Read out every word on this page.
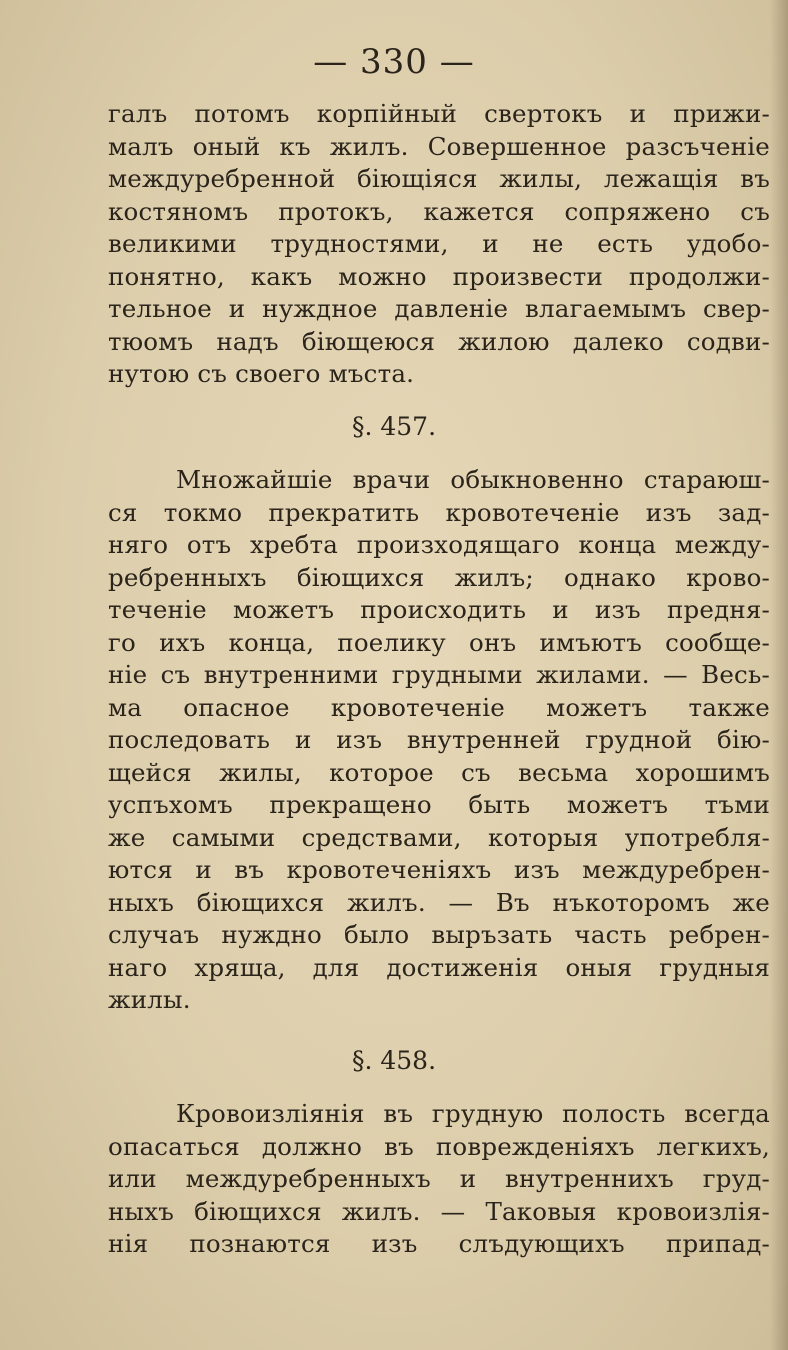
— 330 —
галъ потомъ корпійный свертокъ и прижи-
малъ оный къ жилъ. Совершенное разсъченіе
междуребренной біющіяся жилы, лежащія въ
костяномъ протокъ, кажется сопряжено съ
великими трудностями, и не есть удобо-
понятно, какъ можно произвести продолжи-
тельное и нуждное давленіе влагаемымъ свер-
тюомъ надъ біющеюся жилою далеко содви-
нутою съ своего мъста.
§. 457.
Множайшіе врачи обыкновенно стараюш-
ся токмо прекратить кровотеченіе изъ зад-
няго отъ хребта произходящаго конца между-
ребренныхъ біющихся жилъ; однако крово-
теченіе можетъ происходить и изъ предня-
го ихъ конца, поелику онъ имъютъ сообще-
ніе съ внутренними грудными жилами. — Весь-
ма опасное кровотеченіе можетъ также
последовать и изъ внутренней грудной бію-
щейся жилы, которое съ весьма хорошимъ
успъхомъ прекращено быть можетъ тъми
же самыми средствами, которыя употребля-
ются и въ кровотеченіяхъ изъ междуребрен-
ныхъ біющихся жилъ. — Въ нъкоторомъ же
случаъ нуждно было выръзать часть ребрен-
наго хряща, для достиженія оныя грудныя
жилы.
§. 458.
Кровоизліянія въ грудную полость всегда
опасаться должно въ поврежденіяхъ легкихъ,
или междуребренныхъ и внутреннихъ груд-
ныхъ біющихся жилъ. — Таковыя кровоизлія-
нія познаются изъ слъдующихъ припад-
